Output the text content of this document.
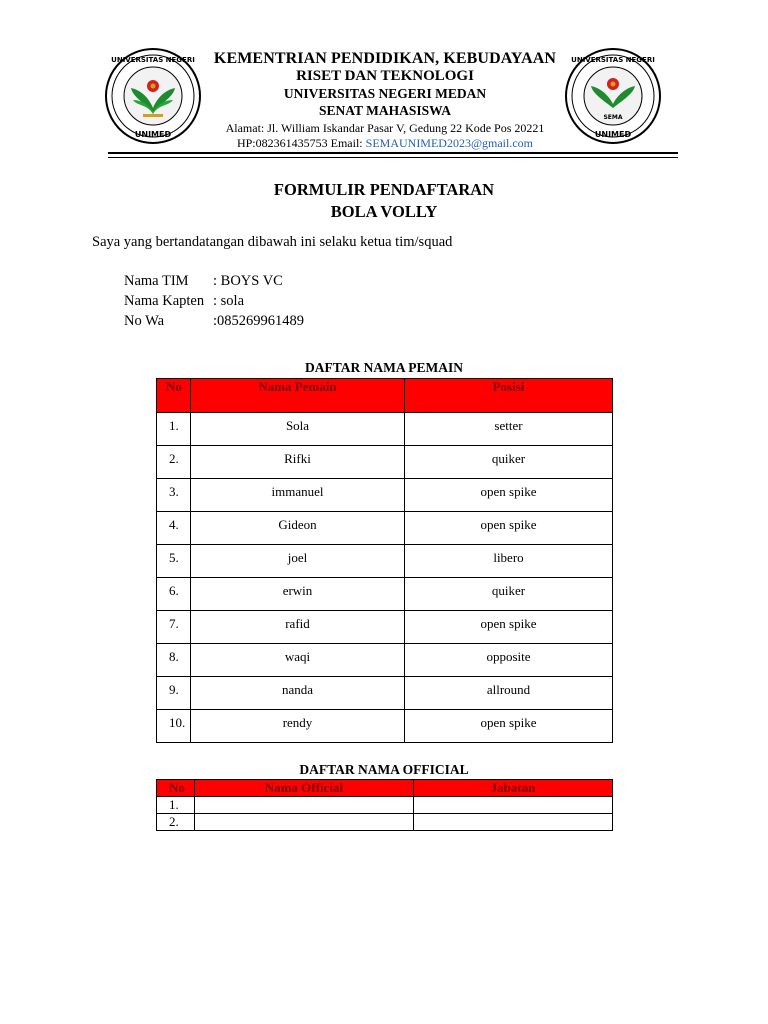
UNIVERSITAS NEGERI
UNIMED
KEMENTRIAN PENDIDIKAN, KEBUDAYAAN
RISET DAN TEKNOLOGI
UNIVERSITAS NEGERI MEDAN
SENAT MAHASISWA
Alamat: Jl. William Iskandar Pasar V, Gedung 22 Kode Pos 20221
HP:082361435753 Email: SEMAUNIMED2023@gmail.com
SEMA
UNIVERSITAS NEGERI
UNIMED
FORMULIR PENDAFTARAN
BOLA VOLLY
Saya yang bertandatangan dibawah ini selaku ketua tim/squad
Nama TIM : BOYS VC
Nama Kapten : sola
No Wa	:085269961489
DAFTAR NAMA PEMAIN
No	Nama Pemain	Posisi
1.	Sola	setter
2.	Rifki	quiker
3.	immanuel	open spike
4.	Gideon	open spike
5.	joel	libero
6.	erwin	quiker
7.	rafid	open spike
8.	waqi	opposite
9.	nanda	allround
10.	rendy	open spike
DAFTAR NAMA OFFICIAL
No	Nama Official	Jabatan
1.		
2.		
